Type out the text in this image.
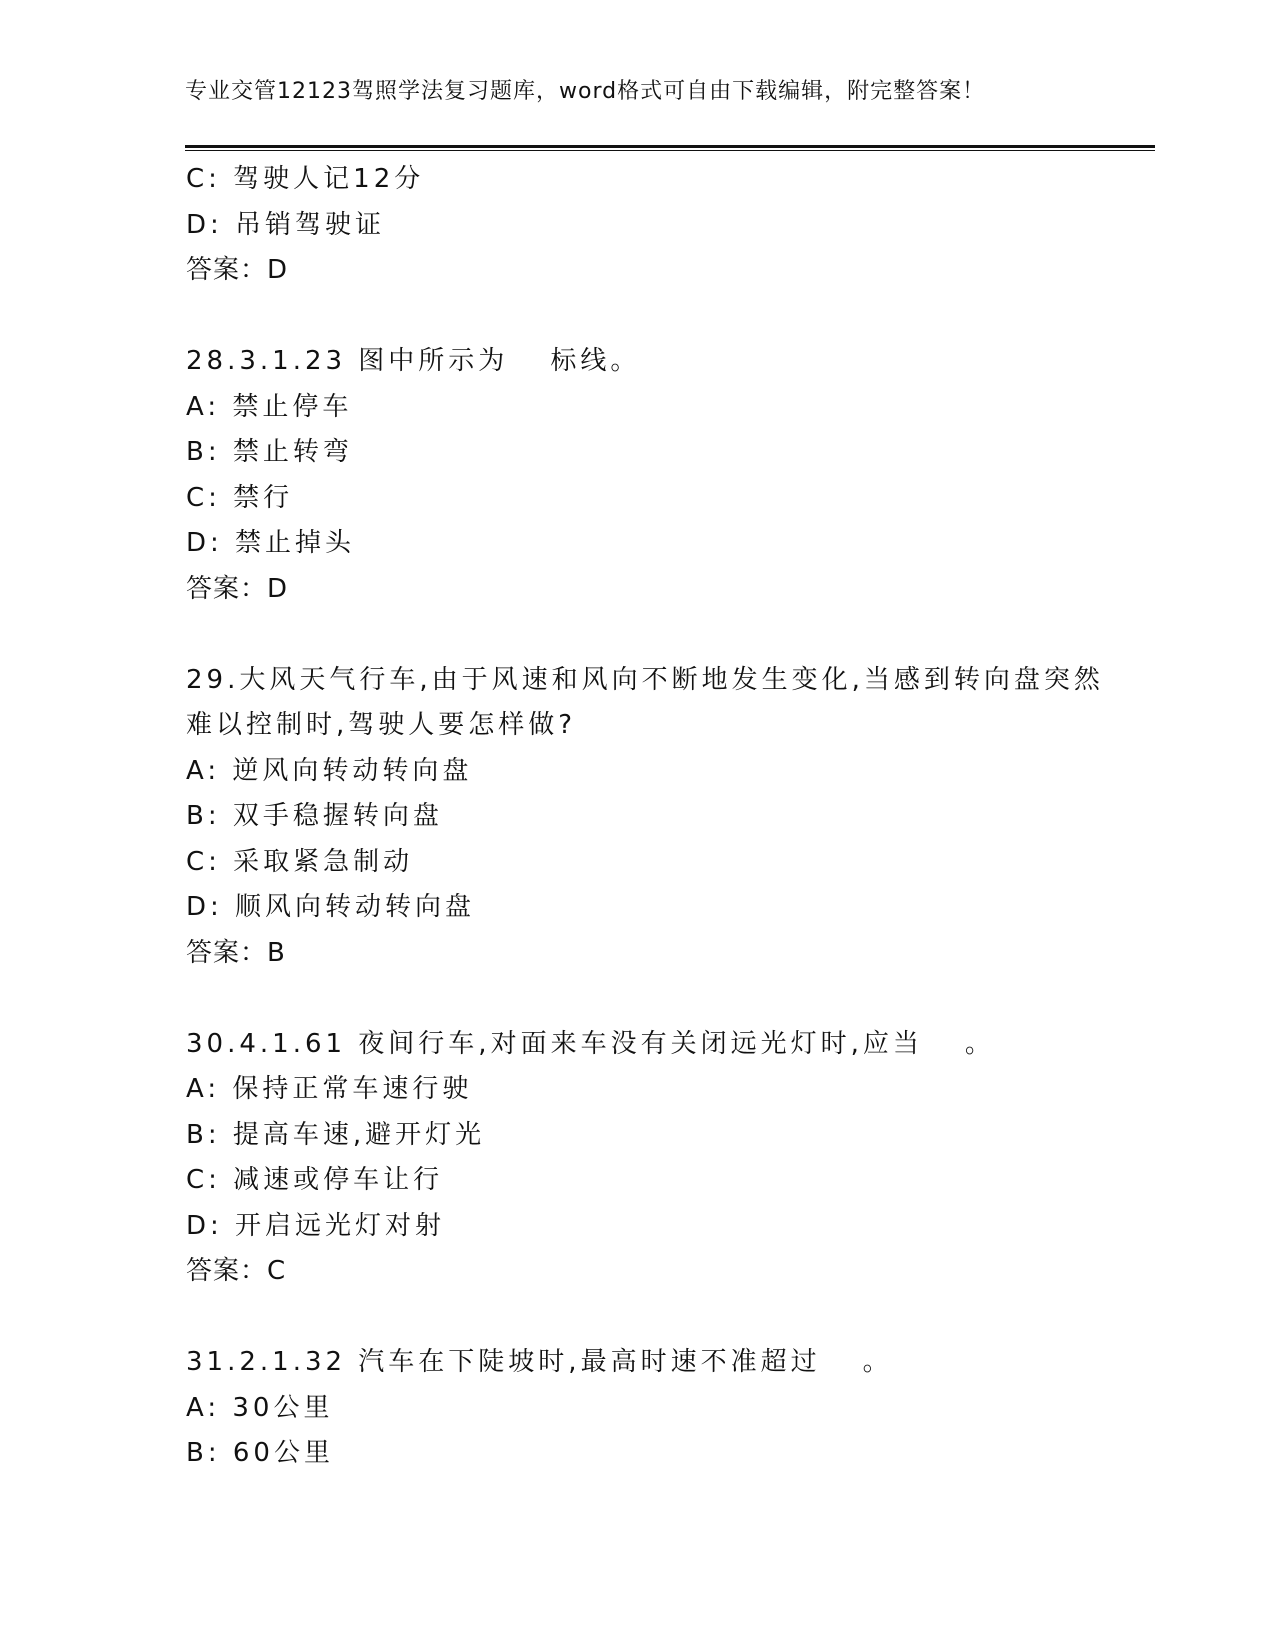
专业交管12123驾照学法复习题库，word格式可自由下载编辑，附完整答案！
C: 驾驶人记12分
D: 吊销驾驶证
答案：D
28.3.1.23 图中所示为 标线。
A: 禁止停车
B: 禁止转弯
C: 禁行
D: 禁止掉头
答案：D
29.大风天气行车,由于风速和风向不断地发生变化,当感到转向盘突然
难以控制时,驾驶人要怎样做?
A: 逆风向转动转向盘
B: 双手稳握转向盘
C: 采取紧急制动
D: 顺风向转动转向盘
答案：B
30.4.1.61 夜间行车,对面来车没有关闭远光灯时,应当 。
A: 保持正常车速行驶
B: 提高车速,避开灯光
C: 减速或停车让行
D: 开启远光灯对射
答案：C
31.2.1.32 汽车在下陡坡时,最高时速不准超过 。
A: 30公里
B: 60公里
